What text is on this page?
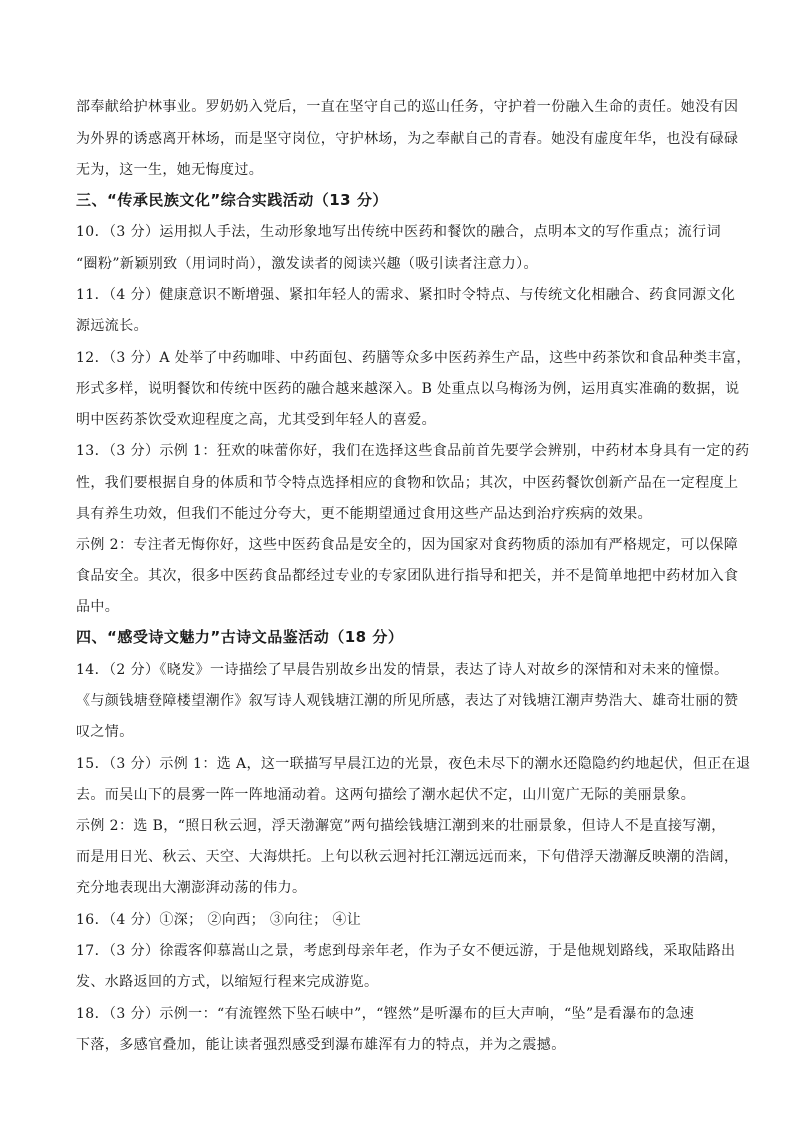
部奉献给护林事业。罗奶奶入党后，一直在坚守自己的巡山任务，守护着一份融入生命的责任。她没有因
为外界的诱惑离开林场，而是坚守岗位，守护林场，为之奉献自己的青春。她没有虚度年华，也没有碌碌
无为，这一生，她无悔度过。
三、“传承民族文化”综合实践活动（13 分）
10．（3 分）运用拟人手法，生动形象地写出传统中医药和餐饮的融合，点明本文的写作重点；流行词
“圈粉”新颖别致（用词时尚），激发读者的阅读兴趣（吸引读者注意力）。
11．（4 分）健康意识不断增强、紧扣年轻人的需求、紧扣时令特点、与传统文化相融合、药食同源文化
源远流长。
12．（3 分）A 处举了中药咖啡、中药面包、药膳等众多中医药养生产品，这些中药茶饮和食品种类丰富，
形式多样，说明餐饮和传统中医药的融合越来越深入。B 处重点以乌梅汤为例，运用真实准确的数据，说
明中医药茶饮受欢迎程度之高，尤其受到年轻人的喜爱。
13．（3 分）示例 1：狂欢的味蕾你好，我们在选择这些食品前首先要学会辨别，中药材本身具有一定的药
性，我们要根据自身的体质和节令特点选择相应的食物和饮品；其次，中医药餐饮创新产品在一定程度上
具有养生功效，但我们不能过分夸大，更不能期望通过食用这些产品达到治疗疾病的效果。
示例 2：专注者无悔你好，这些中医药食品是安全的，因为国家对食药物质的添加有严格规定，可以保障
食品安全。其次，很多中医药食品都经过专业的专家团队进行指导和把关，并不是简单地把中药材加入食
品中。
四、“感受诗文魅力”古诗文品鉴活动（18 分）
14．（2 分）《晓发》一诗描绘了早晨告别故乡出发的情景，表达了诗人对故乡的深情和对未来的憧憬。
《与颜钱塘登障楼望潮作》叙写诗人观钱塘江潮的所见所感，表达了对钱塘江潮声势浩大、雄奇壮丽的赞
叹之情。
15．（3 分）示例 1：选 A，这一联描写早晨江边的光景，夜色未尽下的潮水还隐隐约约地起伏，但正在退
去。而吴山下的晨雾一阵一阵地涌动着。这两句描绘了潮水起伏不定，山川宽广无际的美丽景象。
示例 2：选 B，“照日秋云迥，浮天渤澥宽”两句描绘钱塘江潮到来的壮丽景象，但诗人不是直接写潮，
而是用日光、秋云、天空、大海烘托。上句以秋云迥衬托江潮远远而来，下句借浮天渤澥反映潮的浩阔，
充分地表现出大潮澎湃动荡的伟力。
16．（4 分）①深； ②向西； ③向往； ④让
17．（3 分）徐霞客仰慕嵩山之景，考虑到母亲年老，作为子女不便远游，于是他规划路线，采取陆路出
发、水路返回的方式，以缩短行程来完成游览。
18．（3 分）示例一：“有流铿然下坠石峡中”，“铿然”是听瀑布的巨大声响，“坠”是看瀑布的急速
下落，多感官叠加，能让读者强烈感受到瀑布雄浑有力的特点，并为之震撼。
